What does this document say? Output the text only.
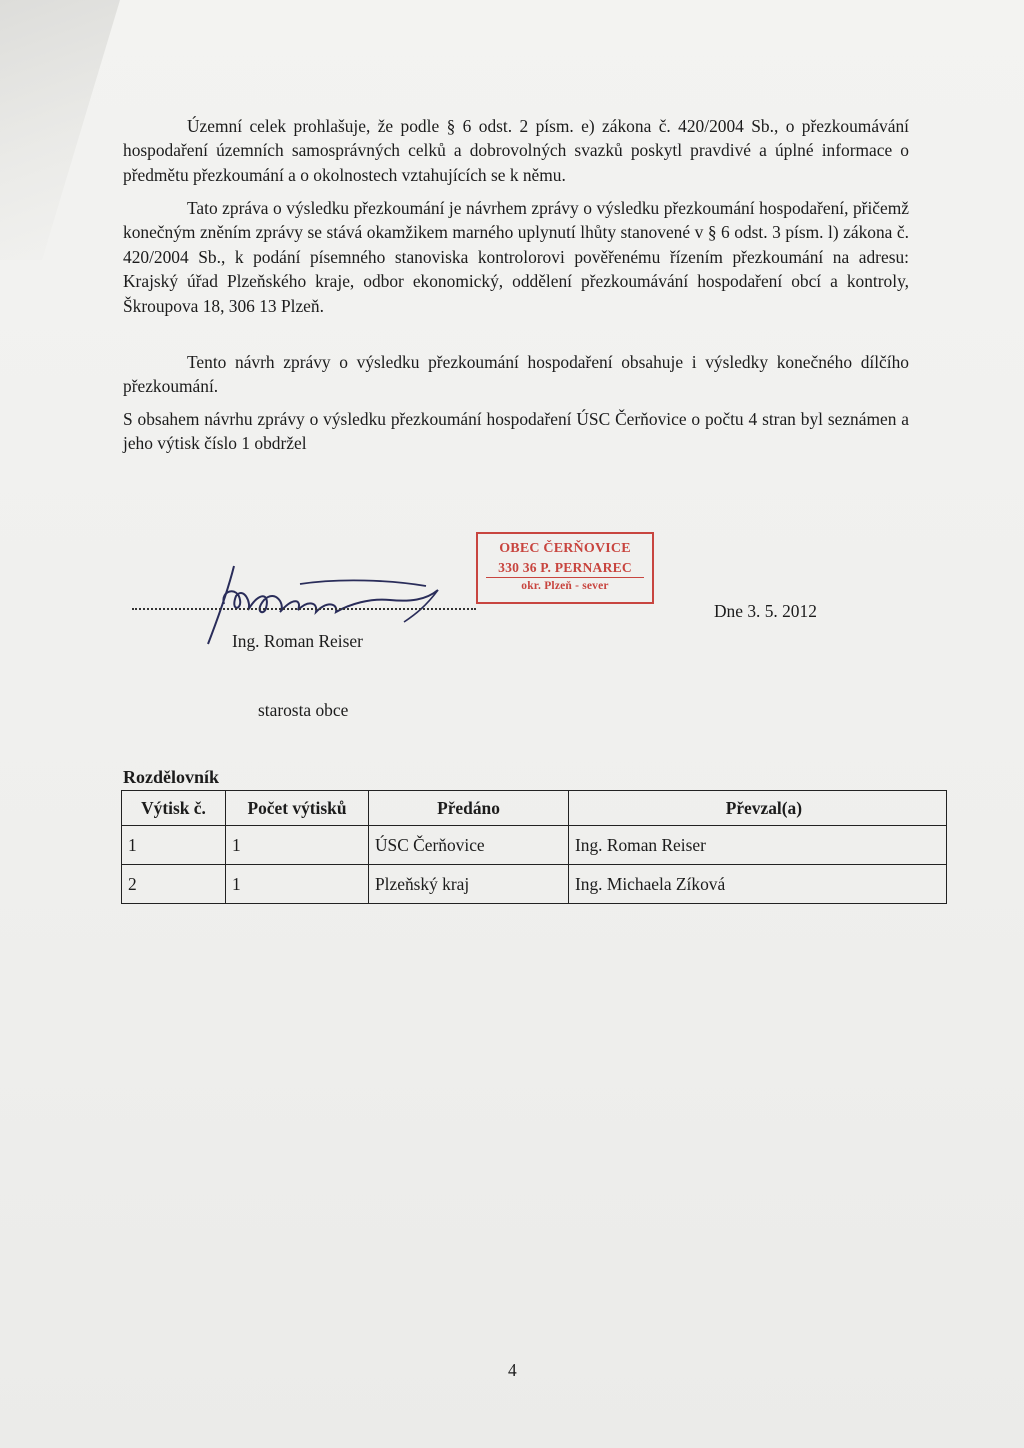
Územní celek prohlašuje, že podle § 6 odst. 2 písm. e) zákona č. 420/2004 Sb., o přezkoumávání hospodaření územních samosprávných celků a dobrovolných svazků poskytl pravdivé a úplné informace o předmětu přezkoumání a o okolnostech vztahujících se k němu.

Tato zpráva o výsledku přezkoumání je návrhem zprávy o výsledku přezkoumání hospodaření, přičemž konečným zněním zprávy se stává okamžikem marného uplynutí lhůty stanovené v § 6 odst. 3 písm. l) zákona č. 420/2004 Sb., k podání písemného stanoviska kontrolorovi pověřenému řízením přezkoumání na adresu: Krajský úřad Plzeňského kraje, odbor ekonomický, oddělení přezkoumávání hospodaření obcí a kontroly, Škroupova 18, 306 13 Plzeň.

Tento návrh zprávy o výsledku přezkoumání hospodaření obsahuje i výsledky konečného dílčího přezkoumání.

S obsahem návrhu zprávy o výsledku přezkoumání hospodaření ÚSC Čerňovice o počtu 4 stran byl seznámen a jeho výtisk číslo 1 obdržel

Ing. Roman Reiser
starosta obce
Dne 3. 5. 2012
OBEC ČERŇOVICE
330 36 P. PERNAREC
okr. Plzeň - sever
Rozdělovník
Výtisk č.	Počet výtisků	Předáno	Převzal(a)
1	1	ÚSC Čerňovice	Ing. Roman Reiser
2	1	Plzeňský kraj	Ing. Michaela Zíková
4
